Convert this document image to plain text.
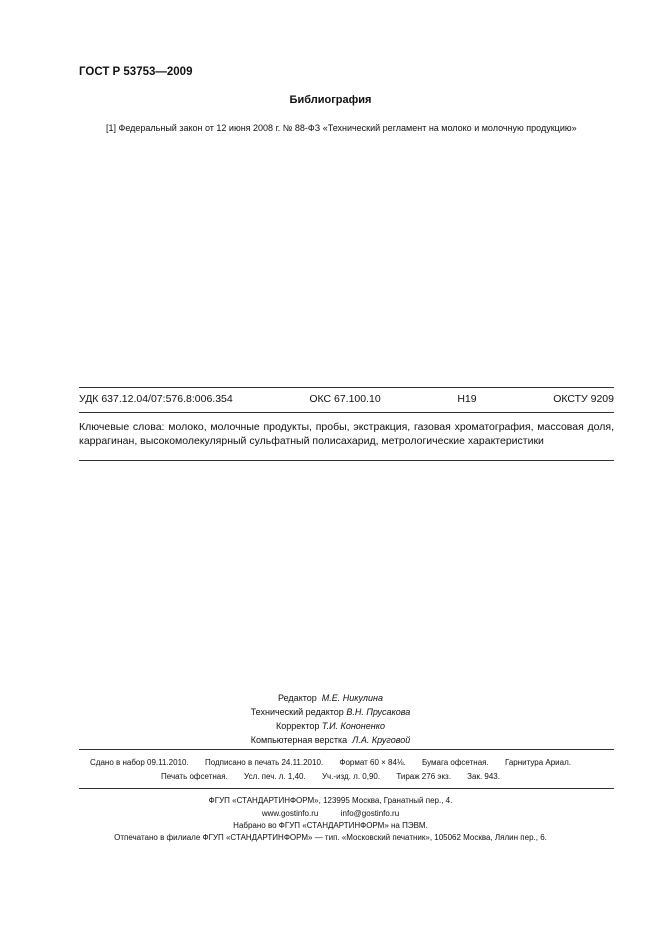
ГОСТ Р 53753—2009
Библиография
[1] Федеральный закон от 12 июня 2008 г. № 88-ФЗ «Технический регламент на молоко и молочную продукцию»
УДК 637.12.04/07:576.8:006.354	ОКС 67.100.10	Н19	ОКСТУ 9209
Ключевые слова: молоко, молочные продукты, пробы, экстракция, газовая хроматография, массовая доля, каррагинан, высокомолекулярный сульфатный полисахарид, метрологические характеристики
Редактор М.Е. Никулина
Технический редактор В.Н. Прусакова
Корректор Т.И. Кононенко
Компьютерная верстка Л.А. Круговой
Сдано в набор 09.11.2010. Подписано в печать 24.11.2010. Формат 60 × 84⅛. Бумага офсетная. Гарнитура Ариал.
Печать офсетная. Усл. печ. л. 1,40. Уч.-изд. л. 0,90. Тираж 276 экз. Зак. 943.
ФГУП «СТАНДАРТИНФОРМ», 123995 Москва, Гранатный пер., 4.
www.gostinfo.ru	info@gostinfo.ru
Набрано во ФГУП «СТАНДАРТИНФОРМ» на ПЭВМ.
Отпечатано в филиале ФГУП «СТАНДАРТИНФОРМ» — тип. «Московский печатник», 105062 Москва, Лялин пер., 6.
